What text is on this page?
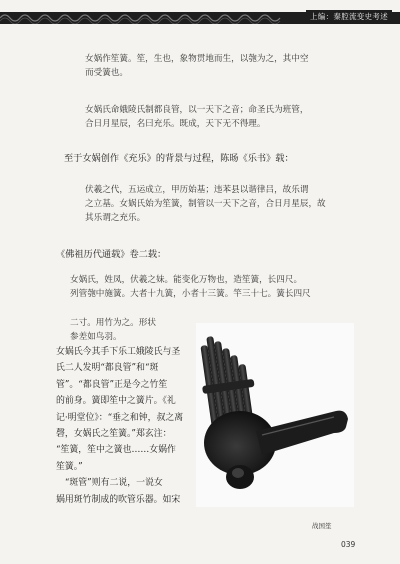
上编：秦腔流变史考述
女娲作笙簧。笙，生也，象物贯地而生，以匏为之，其中空
而受簧也。
女娲氏命娥陵氏制都良管，以一天下之音；命圣氏为班管，
合日月星辰，名曰充乐。既成，天下无不得理。
至于女娲创作《充乐》的背景与过程，陈旸《乐书》载：
伏羲之代，五运成立，甲历始基；违苯县以谐律吕，故乐谓
之立基。女娲氏始为笙簧，制管以一天下之音，合日月星辰，故
其乐谓之充乐。
《佛祖历代通载》卷二载：
女娲氏，姓凤，伏羲之妹。能变化万物也，造笙簧，长四尺。
列管匏中施簧。大者十九簧，小者十三簧。竿三十七。簧长四尺
二寸。用竹为之。形状
参差如鸟羽。
女娲氏今其手下乐工娥陵氏与圣
氏二人发明“都良管”和“斑
管”。“都良管”正是今之竹笙
的前身。簧即笙中之簧片。《礼
记·明堂位》：“垂之和钟，叔之离
磬，女娲氏之笙簧。”郑玄注：
“笙簧，笙中之簧也……女娲作
笙簧。”
　“斑管”则有二说，一说女
娲用斑竹制成的吹管乐器。如宋
战国笙
039
